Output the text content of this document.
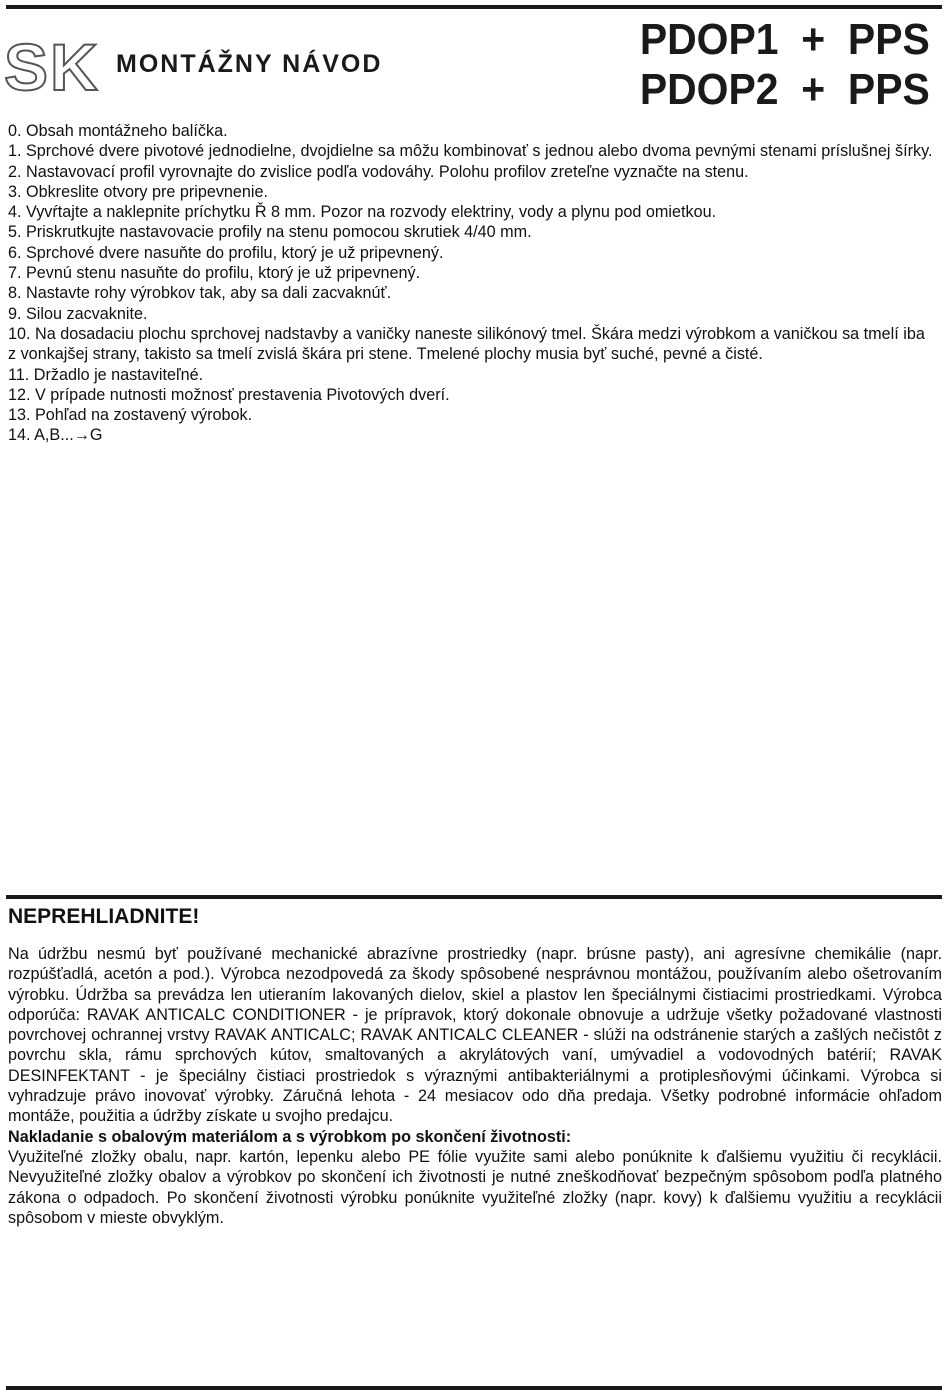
SK MONTÁŽNY NÁVOD	PDOP1  +  PPS
PDOP2  +  PPS
0. Obsah montážneho balíčka.
1. Sprchové dvere pivotové jednodielne, dvojdielne sa môžu kombinovať s jednou alebo dvoma pevnými stenami príslušnej šírky.
2. Nastavovací profil vyrovnajte do zvislice podľa vodováhy. Polohu profilov zreteľne vyznačte na stenu.
3. Obkreslite otvory pre pripevnenie.
4. Vyvŕtajte a naklepnite príchytku Ř 8 mm. Pozor na rozvody elektriny, vody a plynu pod omietkou.
5. Priskrutkujte nastavovacie profily na stenu pomocou skrutiek 4/40 mm.
6. Sprchové dvere nasuňte do profilu, ktorý je už pripevnený.
7. Pevnú stenu nasuňte do profilu, ktorý je už pripevnený.
8. Nastavte rohy výrobkov tak, aby sa dali zacvaknúť.
9. Silou zacvaknite.
10. Na dosadaciu plochu sprchovej nadstavby a vaničky naneste silikónový tmel. Škára medzi výrobkom a vaničkou sa tmelí iba z vonkajšej strany, takisto sa tmelí zvislá škára pri stene. Tmelené plochy musia byť suché, pevné a čisté.
11. Držadlo je nastaviteľné.
12. V prípade nutnosti možnosť prestavenia Pivotových dverí.
13. Pohľad na zostavený výrobok.
14. A,B...→G
NEPREHLIADNITE!

Na údržbu nesmú byť používané mechanické abrazívne prostriedky (napr. brúsne pasty), ani agresívne chemikálie (napr. rozpúšťadlá, acetón a pod.). Výrobca nezodpovedá za škody spôsobené nesprávnou montážou, používaním alebo ošetrovaním výrobku. Údržba sa prevádza len utieraním lakovaných dielov, skiel a plastov len špeciálnymi čistiacimi prostriedkami. Výrobca odporúča: RAVAK ANTICALC CONDITIONER - je prípravok, ktorý dokonale obnovuje a udržuje všetky požadované vlastnosti povrchovej ochrannej vrstvy RAVAK ANTICALC; RAVAK ANTICALC CLEANER - slúži na odstránenie starých a zašlých nečistôt z povrchu skla, rámu sprchových kútov, smaltovaných a akrylátových vaní, umývadiel a vodovodných batérií; RAVAK DESINFEKTANT - je špeciálny čistiaci prostriedok s výraznými antibakteriálnymi a protiplesňovými účinkami. Výrobca si vyhradzuje právo inovovať výrobky. Záručná lehota - 24 mesiacov odo dňa predaja. Všetky podrobné informácie ohľadom montáže, použitia a údržby získate u svojho predajcu.

Nakladanie s obalovým materiálom a s výrobkom po skončení životnosti:

Využiteľné zložky obalu, napr. kartón, lepenku alebo PE fólie využite sami alebo ponúknite k ďalšiemu využitiu či recyklácii. Nevyužiteľné zložky obalov a výrobkov po skončení ich životnosti je nutné zneškodňovať bezpečným spôsobom podľa platného zákona o odpadoch. Po skončení životnosti výrobku ponúknite využiteľné zložky (napr. kovy) k ďalšiemu využitiu a recyklácii spôsobom v mieste obvyklým.
